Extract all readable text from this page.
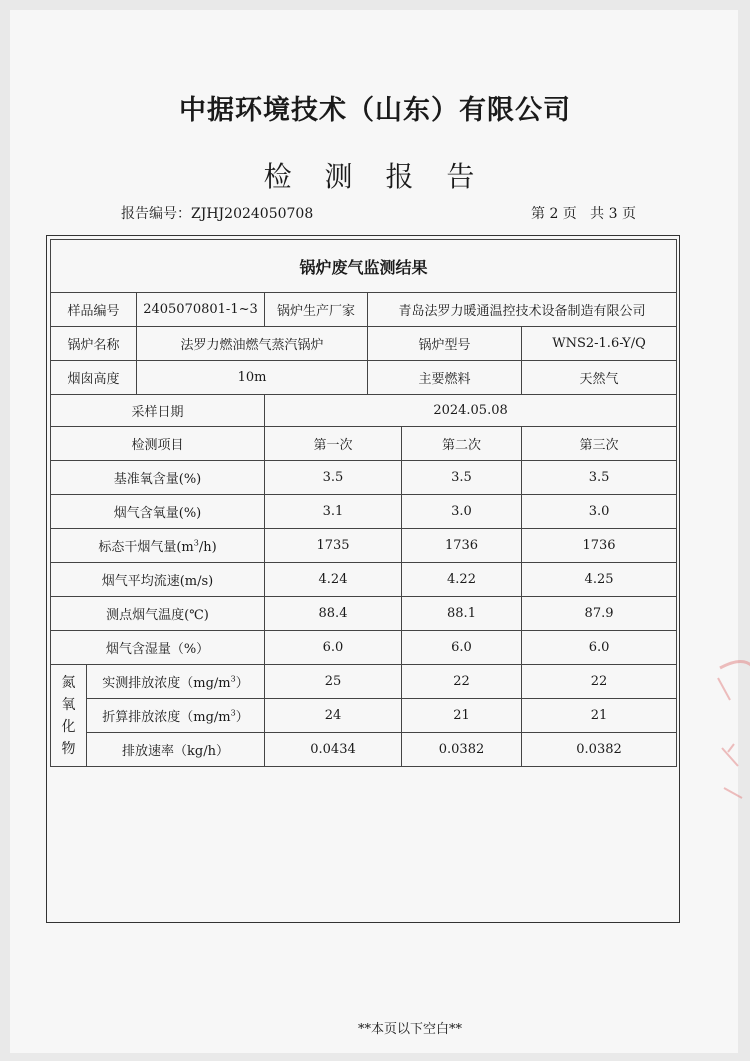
中据环境技术（山东）有限公司
检 测 报 告
报告编号：ZJHJ2024050708	第 2 页   共 3 页
**本页以下空白**
锅炉废气监测结果						
样品编号		2405070801-1~3	锅炉生产厂家	青岛法罗力暖通温控技术设备制造有限公司		
锅炉名称		法罗力燃油燃气蒸汽锅炉		锅炉型号		WNS2-1.6-Y/Q
烟囱高度		10m		主要燃料		天然气
采样日期			2024.05.08			
检测项目			第一次		第二次	第三次
基准氧含量(%)			3.5		3.5	3.5
烟气含氧量(%)			3.1		3.0	3.0
标态干烟气量$(m^3/h)$			1735		1736	1736
烟气平均流速(m/s)			4.24		4.22	4.25
测点烟气温度(℃)			88.4		88.1	87.9
烟气含湿量（%）			6.0		6.0	6.0
氮
氧
化
物	实测排放浓度$(mg/m^3)$		25		22	22
	折算排放浓度$(mg/m^3)$		24		21	21
	排放速率（kg/h）		0.0434		0.0382	0.0382
